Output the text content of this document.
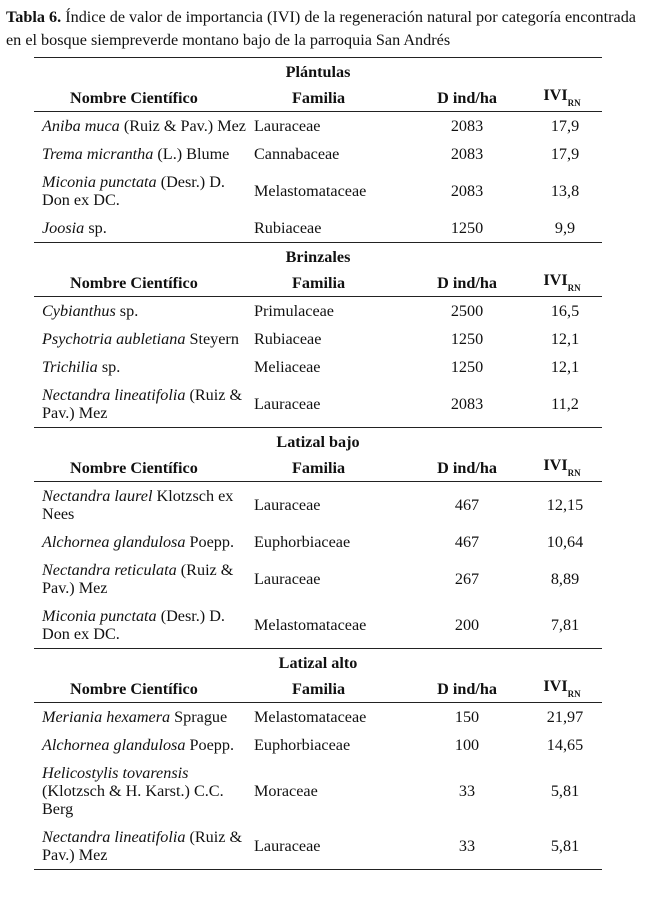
Tabla 6. Índice de valor de importancia (IVI) de la regeneración natural por categoría encontrada en el bosque siempreverde montano bajo de la parroquia San Andrés
Plántulas			
Nombre Científico	Familia	D ind/ha	$IVI_{RN}$
Aniba muca (Ruiz & Pav.) Mez	Lauraceae	2083	17,9
Trema micrantha (L.) Blume	Cannabaceae	2083	17,9
Miconia punctata (Desr.) D. Don ex DC.	Melastomataceae	2083	13,8
Joosia sp.	Rubiaceae	1250	9,9
Brinzales			
Nombre Científico	Familia	D ind/ha	$IVI_{RN}$
Cybianthus sp.	Primulaceae	2500	16,5
Psychotria aubletiana Steyern	Rubiaceae	1250	12,1
Trichilia sp.	Meliaceae	1250	12,1
Nectandra lineatifolia (Ruiz & Pav.) Mez	Lauraceae	2083	11,2
Latizal bajo			
Nombre Científico	Familia	D ind/ha	$IVI_{RN}$
Nectandra laurel Klotzsch ex Nees	Lauraceae	467	12,15
Alchornea glandulosa Poepp.	Euphorbiaceae	467	10,64
Nectandra reticulata (Ruiz & Pav.) Mez	Lauraceae	267	8,89
Miconia punctata (Desr.) D. Don ex DC.	Melastomataceae	200	7,81
Latizal alto			
Nombre Científico	Familia	D ind/ha	$IVI_{RN}$
Meriania hexamera Sprague	Melastomataceae	150	21,97
Alchornea glandulosa Poepp.	Euphorbiaceae	100	14,65
Helicostylis tovarensis (Klotzsch & H. Karst.) C.C. Berg	Moraceae	33	5,81
Nectandra lineatifolia (Ruiz & Pav.) Mez	Lauraceae	33	5,81
